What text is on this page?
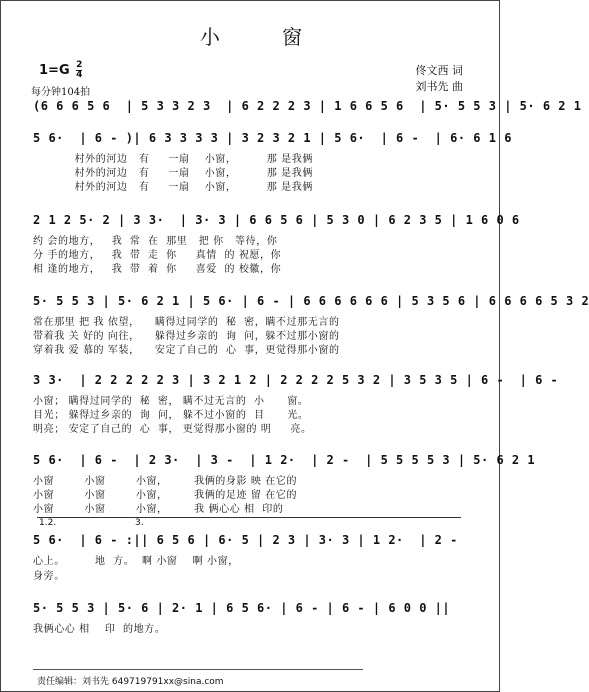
小 窗
佟文西 词
刘书先 曲
$1=G \frac{2}{4}$
每分钟104拍
(6 6 6 5 6  | 5 3 3 2 3  | 6 2 2 2 3 | 1 6 6 5 6  | 5· 5 5 3 | 5· 6 2 1
5 6·  | 6 - )| 6 3 3 3 3 | 3 2 3 2 1 | 5 6·  | 6 -  | 6· 6 1 6
村外的河边   有     一扇    小窗，        那 是我俩
村外的河边   有     一扇    小窗，        那 是我俩
村外的河边   有     一扇    小窗，        那 是我俩
2 1 2 5· 2 | 3 3·  | 3· 3 | 6 6 5 6 | 5 3 0 | 6 2 3 5 | 1 6 0 6
约 会的地方，   我  常  在  那里   把 你   等待，你
分 手的地方，   我  带  走  你     真情  的 祝愿，你
相 逢的地方，   我  带  着  你     喜爱  的 校徽，你
5· 5 5 3 | 5· 6 2 1 | 5 6· | 6 - | 6 6 6 6 6 6 | 5 3 5 6 | 6 6 6 6 5 3 2
常在那里 把 我 依望，    瞒得过同学的  秘  密，瞒不过那无言的
带着我 关 好的 向往，    躲得过乡亲的  询  问，躲不过那小窗的
穿着我 爱 慕的 军装，    安定了自己的  心  事，更觉得那小窗的
3 3·  | 2 2 2 2 2 3 | 3 2 1 2 | 2 2 2 2 5 3 2 | 3 5 3 5 | 6 -  | 6 -
小窗； 瞒得过同学的  秘  密， 瞒不过无言的  小      窗。
目光； 躲得过乡亲的  询  问， 躲不过小窗的  目      光。
明亮； 安定了自己的  心  事， 更觉得那小窗的 明     亮。
5 6·  | 6 -  | 2 3·  | 3 -  | 1 2·  | 2 -  | 5 5 5 5 3 | 5· 6 2 1
小窗        小窗        小窗，       我俩的身影 映 在它的
小窗        小窗        小窗，       我俩的足迹 留 在它的
小窗        小窗        小窗，       我 俩心心 相  印的
1.2.	3.
5 6·  | 6 - :|| 6 5 6 | 6· 5 | 2 3 | 3· 3 | 1 2·  | 2 -
心上。        地  方。  啊 小窗    啊 小窗，
身旁。
5· 5 5 3 | 5· 6 | 2· 1 | 6 5 6· | 6 - | 6 - | 6 0 0 ||
我俩心心 相    印  的地方。
责任编辑：刘书先 649719791xx@sina.com
